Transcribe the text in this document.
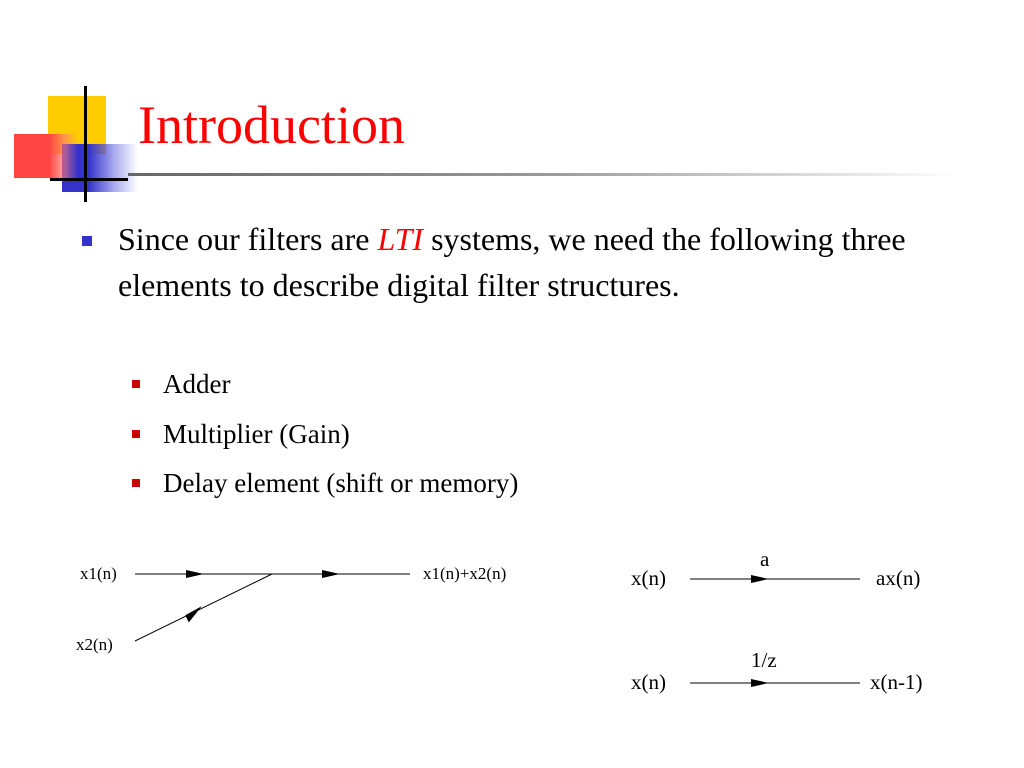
Introduction
Since our filters are LTI systems, we need the following three elements to describe digital filter structures.
Adder
Multiplier (Gain)
Delay element (shift or memory)
x1(n)
x2(n)
x1(n)+x2(n)	x(n)
a
ax(n)
x(n)
1/z
x(n-1)
